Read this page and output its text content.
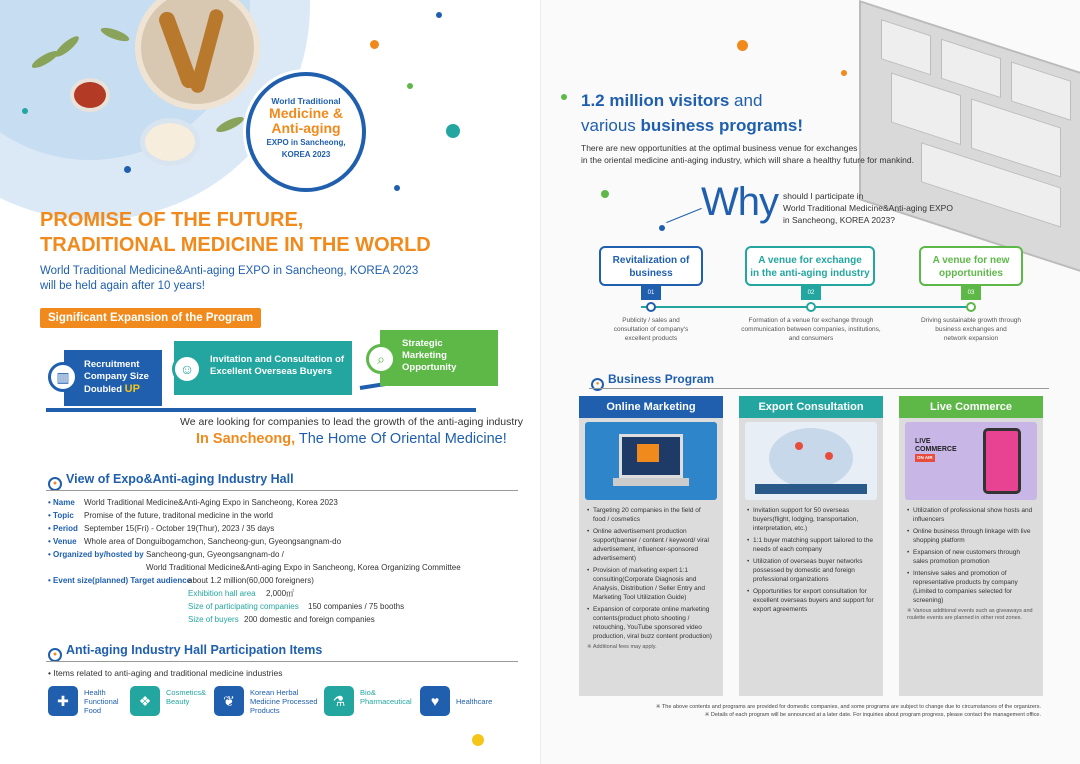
World Traditional
Medicine &
Anti-aging
EXPO in Sancheong,
KOREA 2023
PROMISE OF THE FUTURE,
TRADITIONAL MEDICINE IN THE WORLD
World Traditional Medicine&Anti-aging EXPO in Sancheong, KOREA 2023
will be held again after 10 years!
Significant Expansion of the Program
Recruitment
Company Size
Doubled UP
▥
Invitation and Consultation of
Excellent Overseas Buyers
☺
Strategic
Marketing
Opportunity
⌕
We are looking for companies to lead the growth of the anti-aging industry
In Sancheong, The Home Of Oriental Medicine!
● View of Expo&Anti-aging Industry Hall
• Name World Traditional Medicine&Anti-Aging Expo in Sancheong, Korea 2023
• Topic Promise of the future, traditonal medicine in the world
• Period September 15(Fri) - October 19(Thur), 2023 / 35 days
• Venue Whole area of Donguibogamchon, Sancheong-gun, Gyeongsangnam-do
• Organized by/hosted by Sancheong-gun, Gyeongsangnam-do /
World Traditional Medicine&Anti-aging Expo in Sancheong, Korea Organizing Committee
• Event size(planned) Target audience
about 1.2 million(60,000 foreigners)
Exhibition hall area 2,000㎡
Size of participating companies 150 companies / 75 booths
Size of buyers 200 domestic and foreign companies
● Anti-aging Industry Hall Participation Items
• Items related to anti-aging and traditional medicine industries
✚
Health Functional Food
❖
Cosmetics& Beauty	❦
Korean Herbal Medicine Processed Products
⚗
Bio& Pharmaceutical	♥	Healthcare
1.2 million visitors and
various business programs!
There are new opportunities at the optimal business venue for exchanges
in the oriental medicine anti-aging industry, which will share a healthy future for mankind.
Why should I participate in
World Traditional Medicine&Anti-aging EXPO
in Sancheong, KOREA 2023?
Revitalization of
business
01
A venue for exchange
in the anti-aging industry
02
A venue for new
opportunities
03
Publicity / sales and
consultation of company's
excellent products
Formation of a venue for exchange through
communication between companies, institutions,
and consumers
Driving sustainable growth through
business exchanges and
network expansion
● Business Program
Online Marketing
• Targeting 20 companies in the field of food / cosmetics
• Online advertisement production support(banner / content / keyword/ viral advertisement, influencer-sponsored advertisement)
• Provision of marketing expert 1:1 consulting(Corporate Diagnosis and Analysis, Distribution / Seller Entry and Marketing Tool Utilization Guide)
• Expansion of corporate online marketing contents(product photo shooting / retouching, YouTube sponsored video production, viral buzz content production)
※ Additional fees may apply.
Export Consultation
• Invitation support for 50 overseas buyers(flight, lodging, transportation, interpretation, etc.)
• 1:1 buyer matching support tailored to the needs of each company
• Utilization of overseas buyer networks possessed by domestic and foreign professional organizations
• Opportunities for export consultation for excellent overseas buyers and support for export agreements
Live Commerce
LIVE
COMMERCE
ON AIR
• Utilization of professional show hosts and influencers
• Online business through linkage with live shopping platform
• Expansion of new customers through sales promotion promotion
• Intensive sales and promotion of representative products by company (Limited to companies selected for screening)
※ Various additional events such as giveaways and roulette events are planned in other rest zones.
※ The above contents and programs are provided for domestic companies, and some programs are subject to change due to circumstances of the organizers.
※ Details of each program will be announced at a later date. For inquiries about program progress, please contact the management office.
